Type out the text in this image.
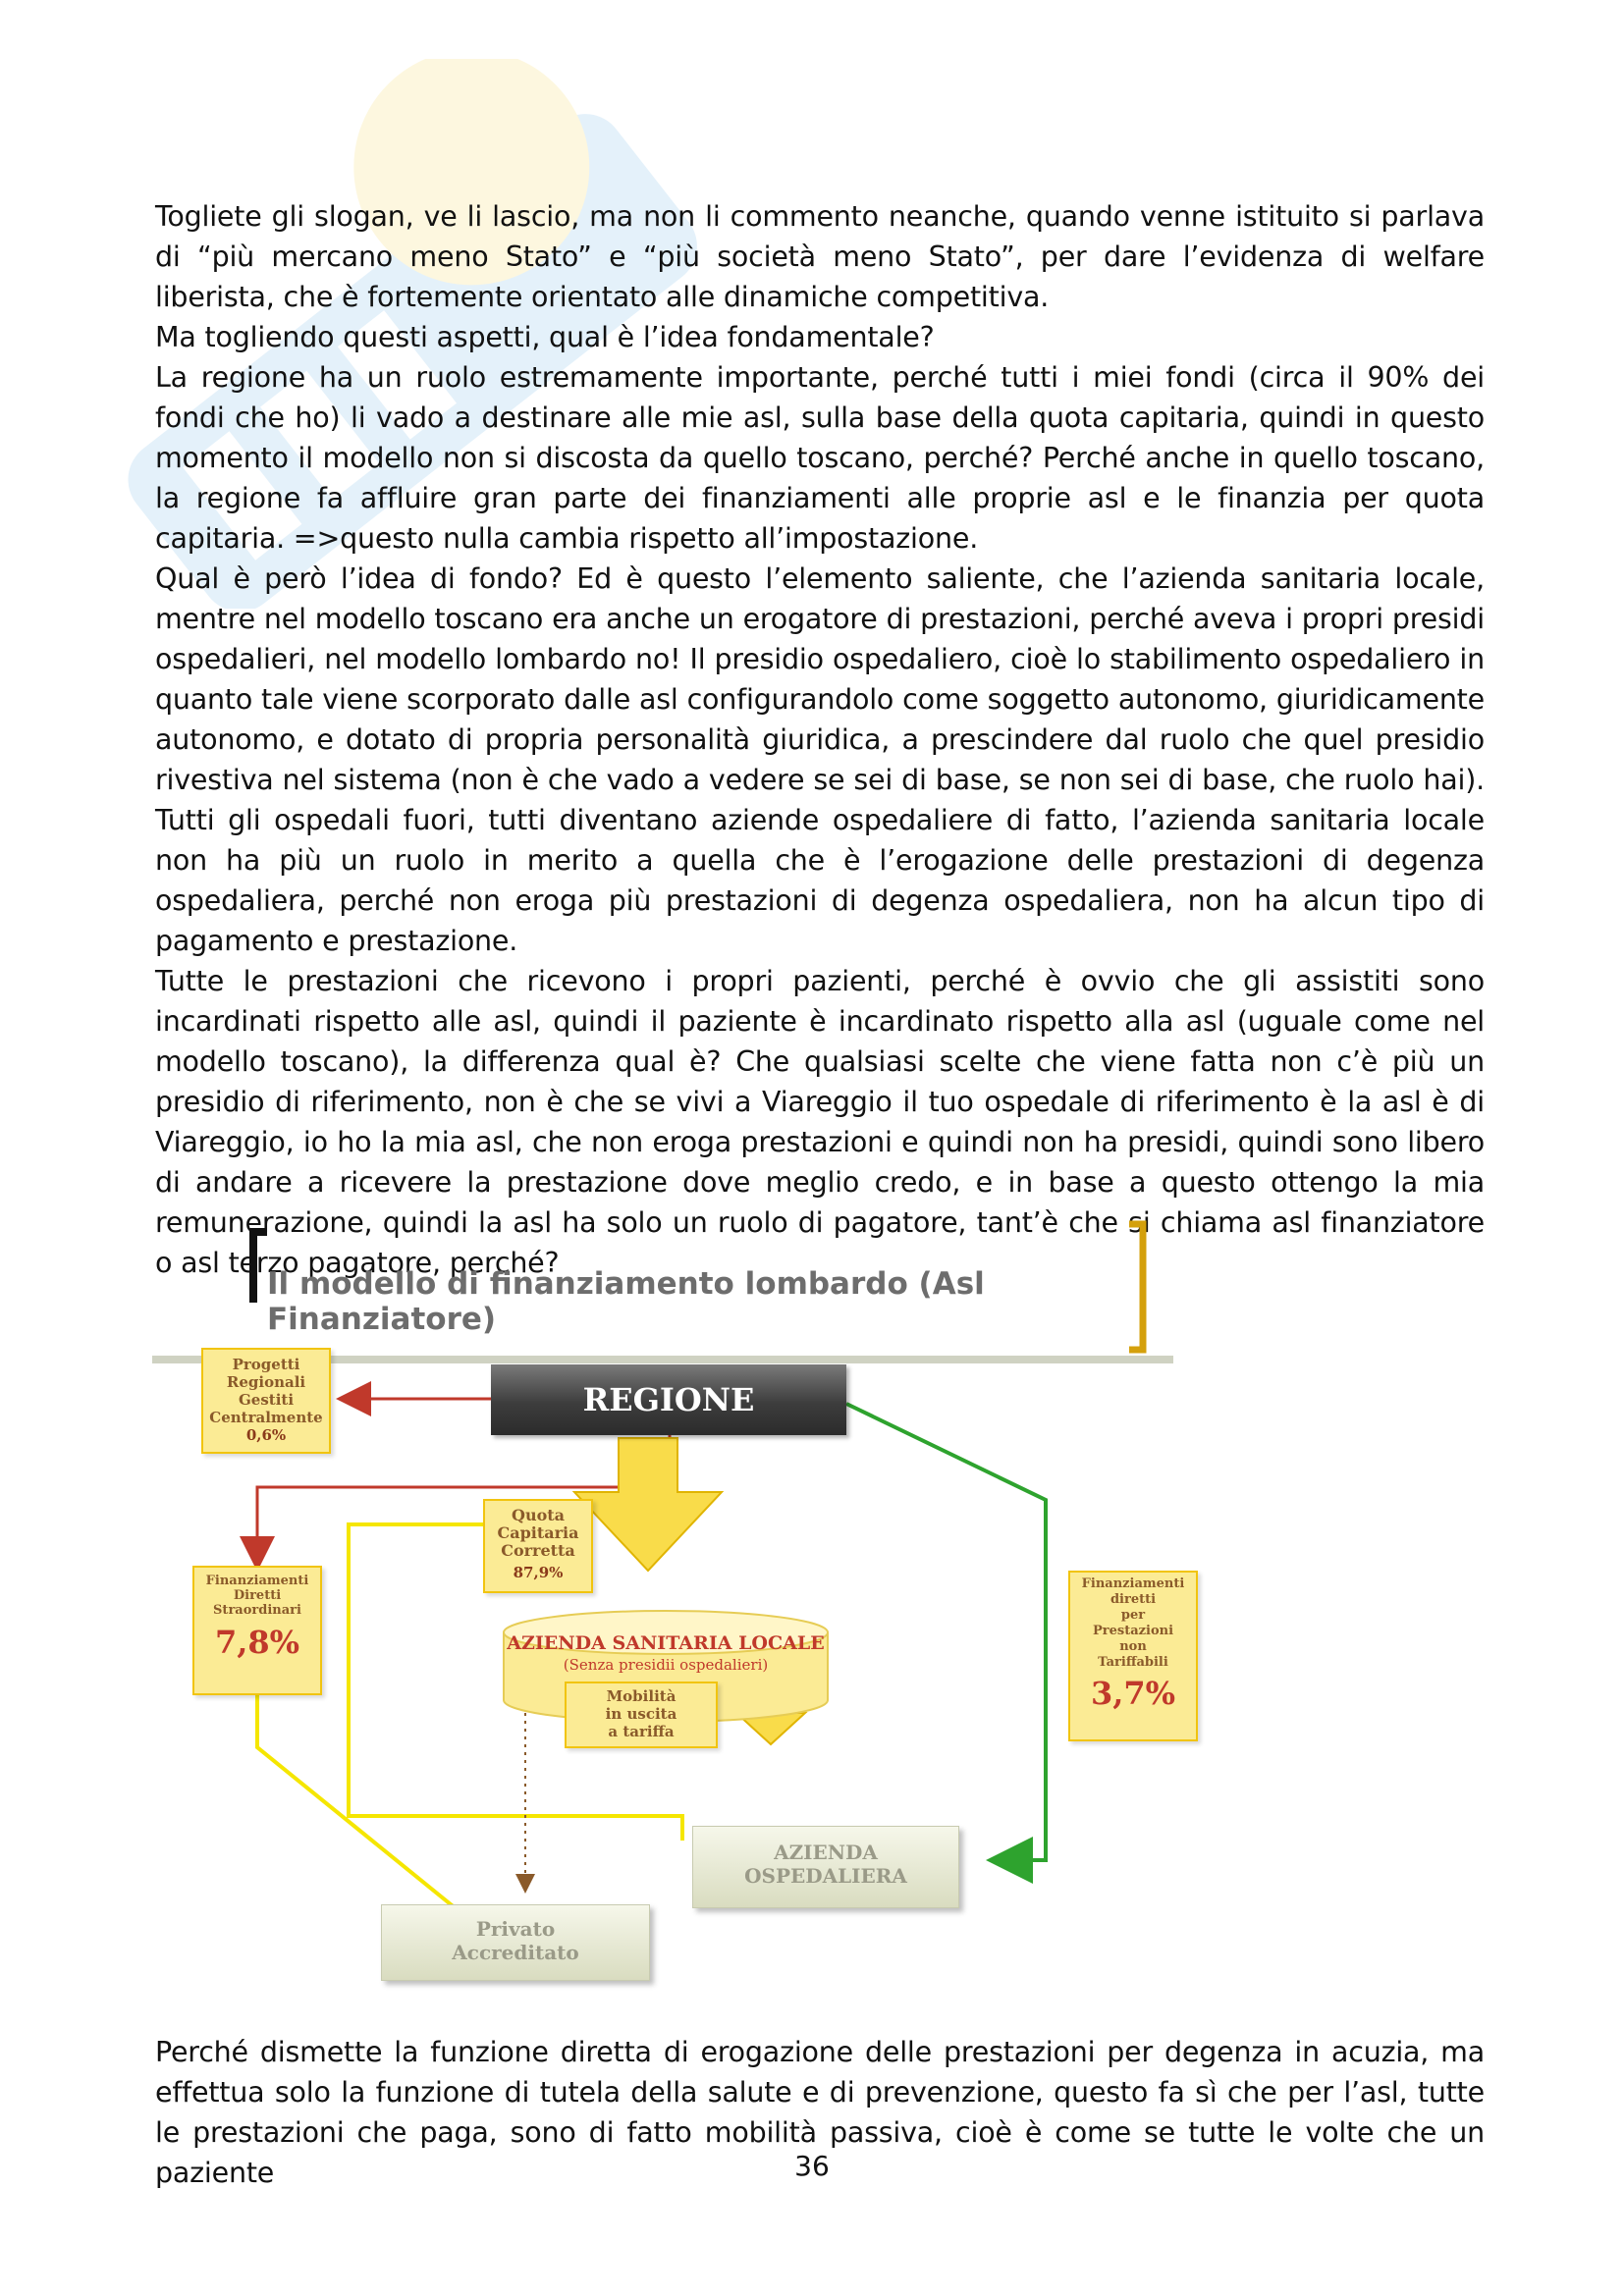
Togliete gli slogan, ve li lascio, ma non li commento neanche, quando venne istituito si parlava di “più mercano meno Stato” e “più società meno Stato”, per dare l’evidenza di welfare liberista, che è fortemente orientato alle dinamiche competitiva.

Ma togliendo questi aspetti, qual è l’idea fondamentale?

La regione ha un ruolo estremamente importante, perché tutti i miei fondi (circa il 90% dei fondi che ho) li vado a destinare alle mie asl, sulla base della quota capitaria, quindi in questo momento il modello non si discosta da quello toscano, perché? Perché anche in quello toscano, la regione fa affluire gran parte dei finanziamenti alle proprie asl e le finanzia per quota capitaria. =>questo nulla cambia rispetto all’impostazione.

Qual è però l’idea di fondo? Ed è questo l’elemento saliente, che l’azienda sanitaria locale, mentre nel modello toscano era anche un erogatore di prestazioni, perché aveva i propri presidi ospedalieri, nel modello lombardo no! Il presidio ospedaliero, cioè lo stabilimento ospedaliero in quanto tale viene scorporato dalle asl configurandolo come soggetto autonomo, giuridicamente autonomo, e dotato di propria personalità giuridica, a prescindere dal ruolo che quel presidio rivestiva nel sistema (non è che vado a vedere se sei di base, se non sei di base, che ruolo hai). Tutti gli ospedali fuori, tutti diventano aziende ospedaliere di fatto, l’azienda sanitaria locale non ha più un ruolo in merito a quella che è l’erogazione delle prestazioni di degenza ospedaliera, perché non eroga più prestazioni di degenza ospedaliera, non ha alcun tipo di pagamento e prestazione.

Tutte le prestazioni che ricevono i propri pazienti, perché è ovvio che gli assistiti sono incardinati rispetto alle asl, quindi il paziente è incardinato rispetto alla asl (uguale come nel modello toscano), la differenza qual è? Che qualsiasi scelte che viene fatta non c’è più un presidio di riferimento, non è che se vivi a Viareggio il tuo ospedale di riferimento è la asl è di Viareggio, io ho la mia asl, che non eroga prestazioni e quindi non ha presidi, quindi sono libero di andare a ricevere la prestazione dove meglio credo, e in base a questo ottengo la mia remunerazione, quindi la asl ha solo un ruolo di pagatore, tant’è che si chiama asl finanziatore o asl terzo pagatore, perché?

Il modello di finanziamento lombardo (Asl Finanziatore)
REGIONE
Progetti
Regionali
Gestiti
Centralmente
0,6%
Quota
Capitaria
Corretta
87,9%
Finanziamenti
Diretti
Straordinari
7,8%
Finanziamenti
diretti
per
Prestazioni
non
Tariffabili
3,7%
AZIENDA SANITARIA LOCALE
(Senza presidii ospedalieri)
Mobilità
in uscita
a tariffa
AZIENDA
OSPEDALIERA
Privato
Accreditato

Perché dismette la funzione diretta di erogazione delle prestazioni per degenza in acuzia, ma effettua solo la funzione di tutela della salute e di prevenzione, questo fa sì che per l’asl, tutte le prestazioni che paga, sono di fatto mobilità passiva, cioè è come se tutte le volte che un paziente	36
